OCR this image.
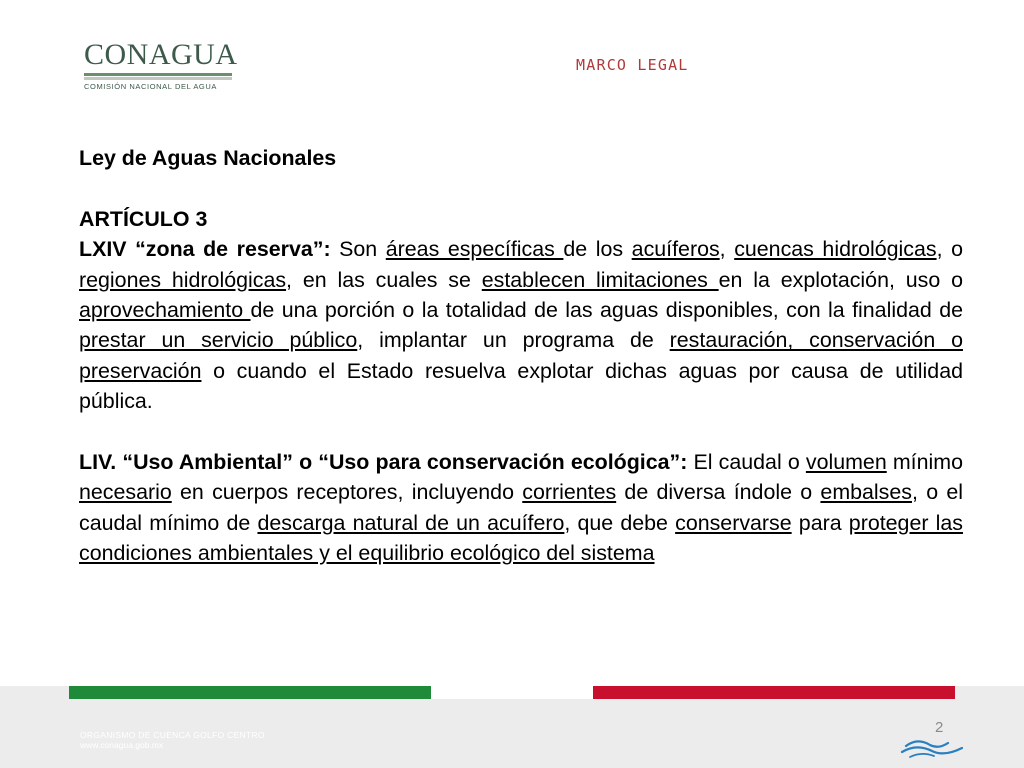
CONAGUA
COMISIÓN NACIONAL DEL AGUA
MARCO LEGAL

Ley de Aguas Nacionales

ARTÍCULO 3

LXIV “zona de reserva”: Son áreas específicas de los acuíferos, cuencas hidrológicas, o regiones hidrológicas, en las cuales se establecen limitaciones en la explotación, uso o aprovechamiento de una porción o la totalidad de las aguas disponibles, con la finalidad de prestar un servicio público, implantar un programa de restauración, conservación o preservación o cuando el Estado resuelva explotar dichas aguas por causa de utilidad pública.

LIV. “Uso Ambiental” o “Uso para conservación ecológica”: El caudal o volumen mínimo necesario en cuerpos receptores, incluyendo corrientes de diversa índole o embalses, o el caudal mínimo de descarga natural de un acuífero, que debe conservarse para proteger las condiciones ambientales y el equilibrio ecológico del sistema

ORGANISMO DE CUENCA GOLFO CENTRO
www.conagua.gob.mx
2
